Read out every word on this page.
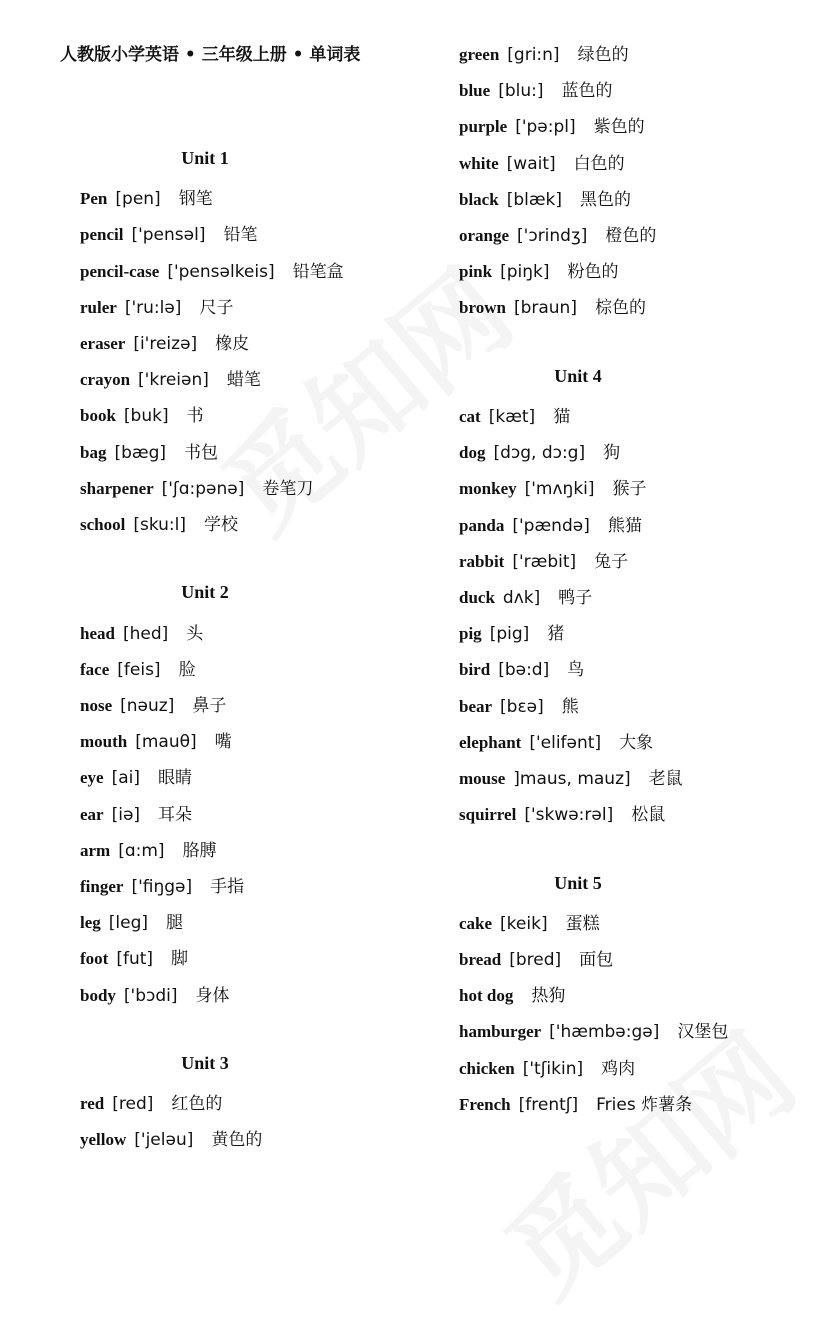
人教版小学英语 • 三年级上册 • 单词表
Unit 1
Pen [pen] 钢笔
pencil ['pensəl] 铅笔
pencil-case ['pensəlkeis] 铅笔盒
ruler ['ru:lə] 尺子
eraser [i'reizə] 橡皮
crayon ['kreiən] 蜡笔
book [buk] 书
bag [bæg] 书包
sharpener ['ʃɑ:pənə] 卷笔刀
school [sku:l] 学校
Unit 2
head [hed] 头
face [feis] 脸
nose [nəuz] 鼻子
mouth [mauθ] 嘴
eye [ai] 眼睛
ear [iə] 耳朵
arm [ɑ:m] 胳膊
finger ['fiŋgə] 手指
leg [leg] 腿
foot [fut] 脚
body ['bɔdi] 身体
Unit 3
red [red] 红色的
yellow ['jeləu] 黄色的
green [gri:n] 绿色的
blue [blu:] 蓝色的
purple ['pə:pl] 紫色的
white [wait] 白色的
black [blæk] 黑色的
orange ['ɔrindʒ] 橙色的
pink [piŋk] 粉色的
brown [braun] 棕色的
Unit 4
cat [kæt] 猫
dog [dɔg, dɔ:g] 狗
monkey ['mʌŋki] 猴子
panda ['pændə] 熊猫
rabbit ['ræbit] 兔子
duck dʌk] 鸭子
pig [pig] 猪
bird [bə:d] 鸟
bear [bɛə] 熊
elephant ['elifənt] 大象
mouse ]maus, mauz] 老鼠
squirrel ['skwə:rəl] 松鼠
Unit 5
cake [keik] 蛋糕
bread [bred] 面包
hot dog 热狗
hamburger ['hæmbə:gə] 汉堡包
chicken ['tʃikin] 鸡肉
French [frentʃ] Fries 炸薯条
